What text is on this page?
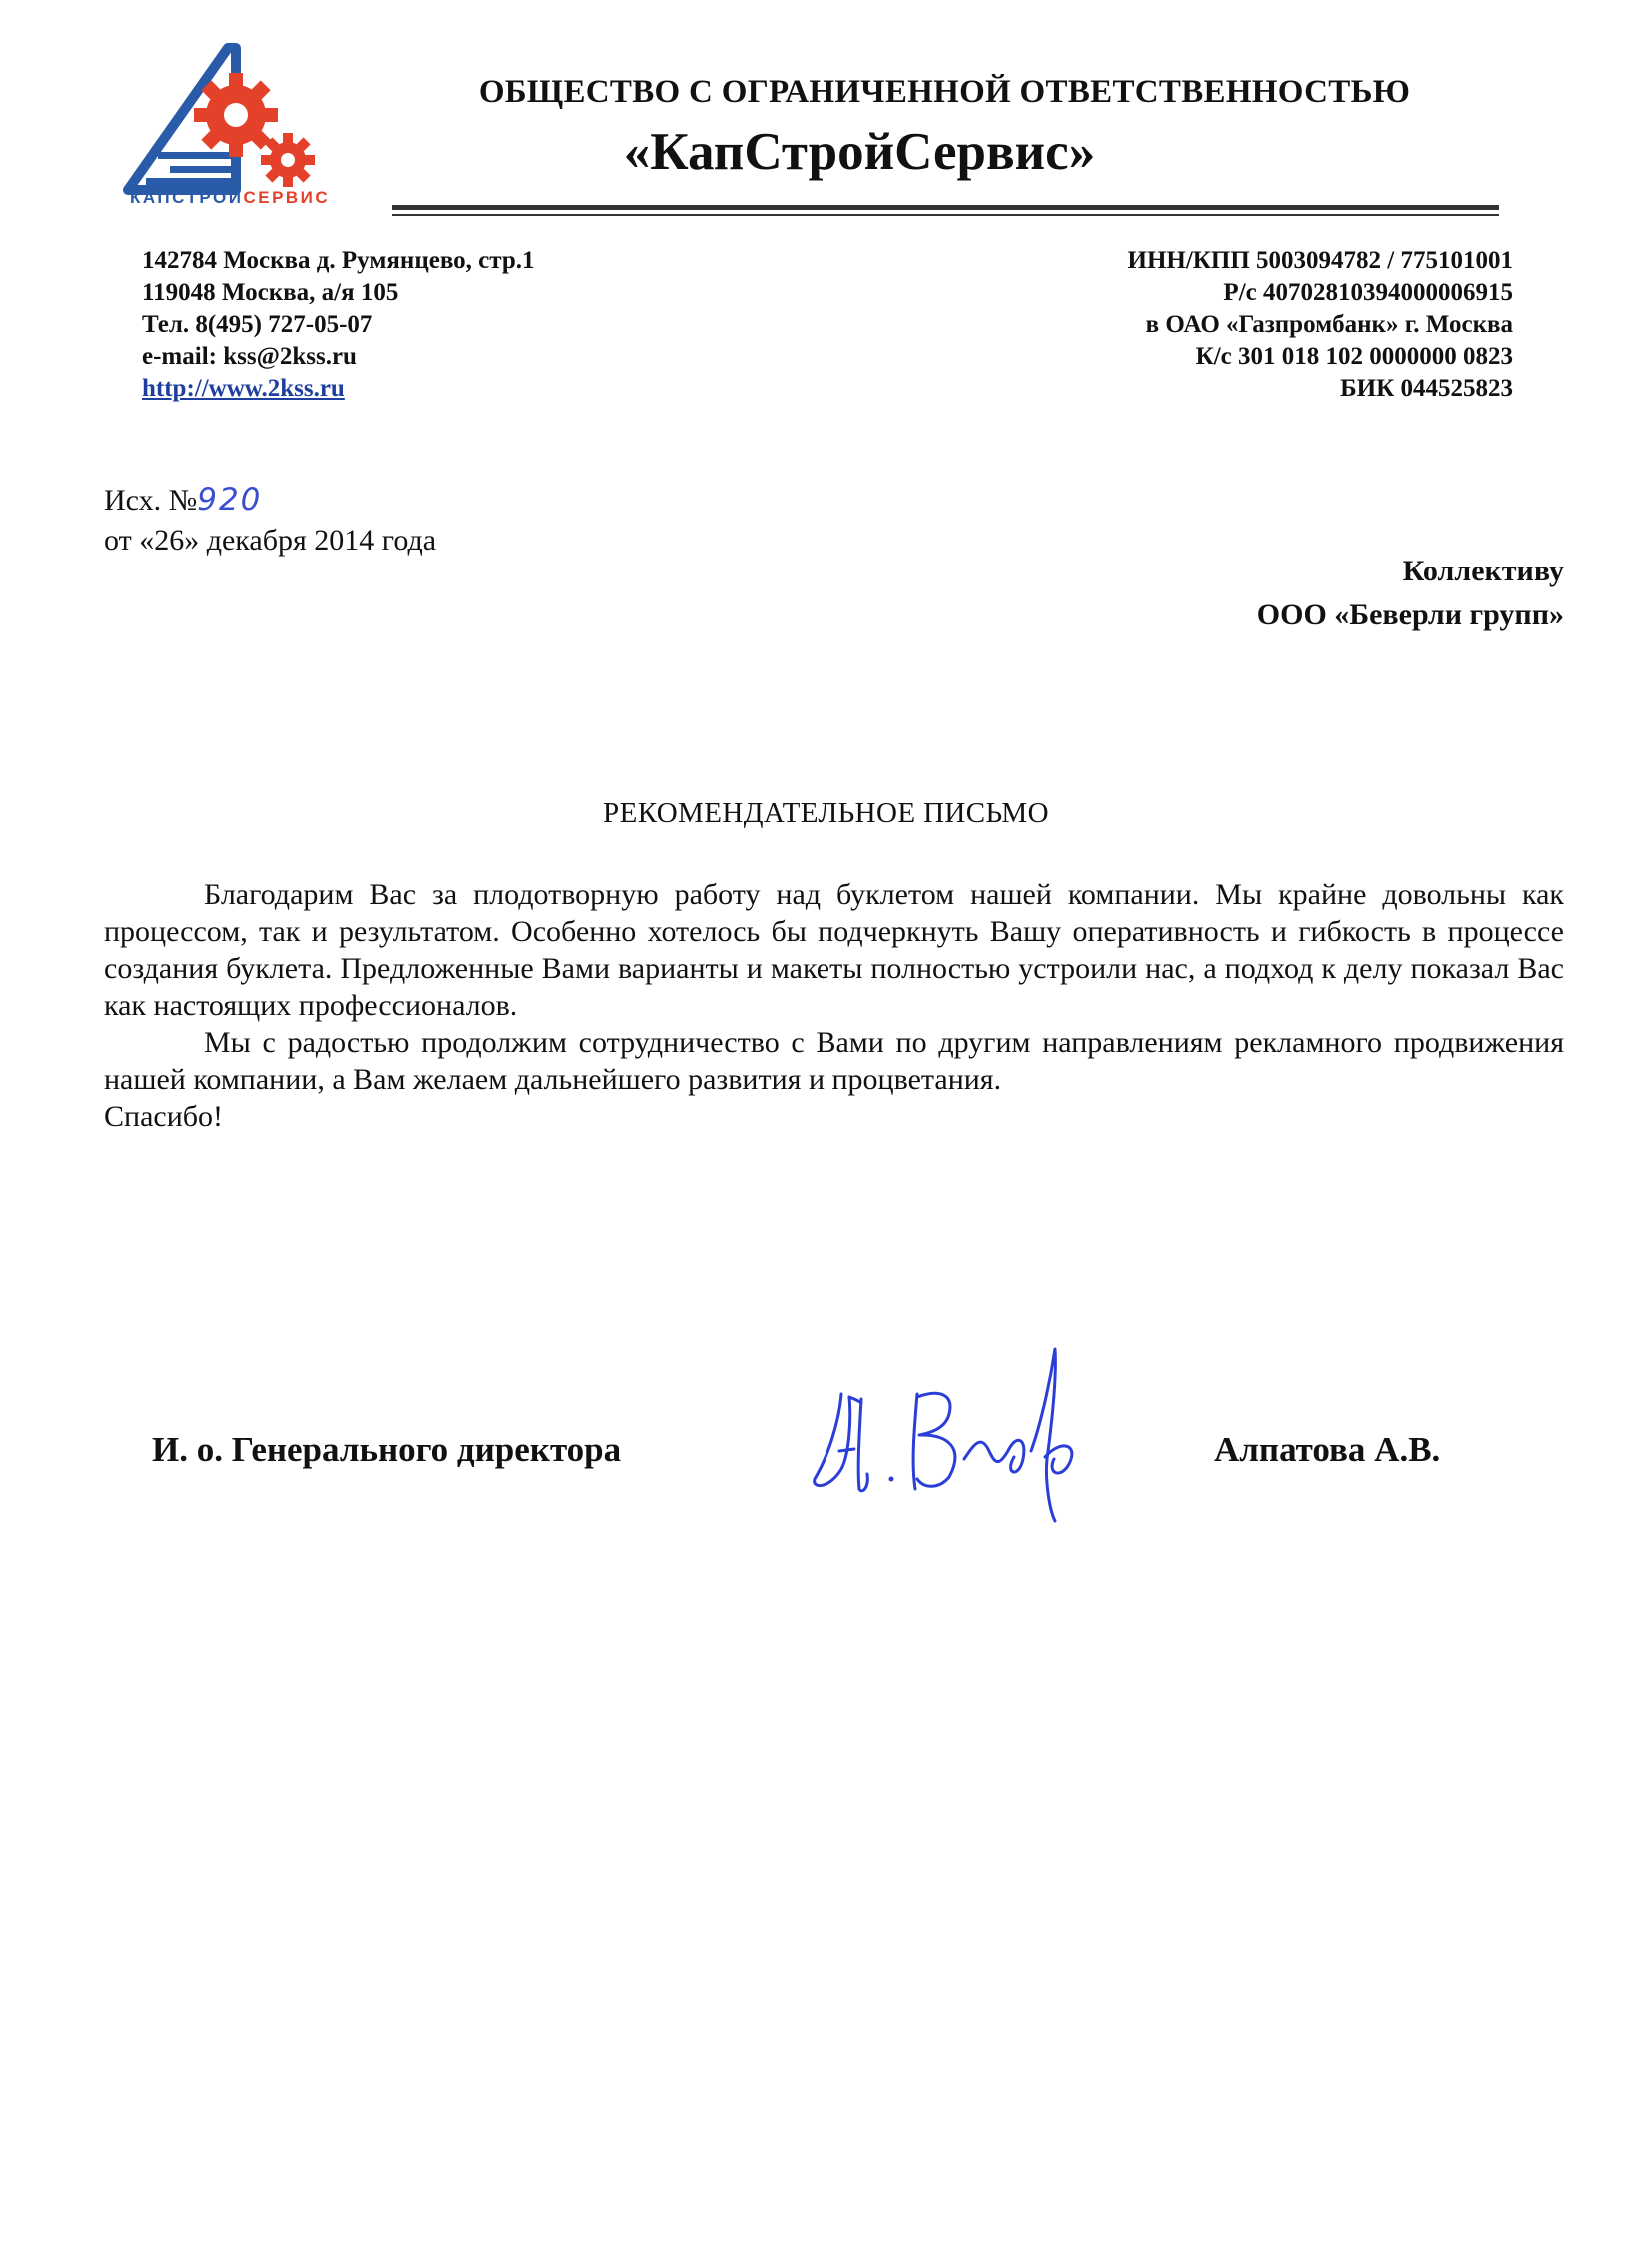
КАПСТРОЙСЕРВИС
ОБЩЕСТВО С ОГРАНИЧЕННОЙ ОТВЕТСТВЕННОСТЬЮ
«КапСтройСервис»
142784 Москва д. Румянцево, стр.1
119048 Москва, а/я 105
Тел. 8(495) 727-05-07
e-mail: kss@2kss.ru
http://www.2kss.ru
ИНН/КПП 5003094782 / 775101001
Р/с 40702810394000006915
в ОАО «Газпромбанк» г. Москва
К/с 301 018 102 0000000 0823
БИК 044525823
Исх. №920
от «26» декабря 2014 года
Коллективу
ООО «Беверли групп»
РЕКОМЕНДАТЕЛЬНОЕ ПИСЬМО

Благодарим Вас за плодотворную работу над буклетом нашей компании. Мы крайне довольны как процессом, так и результатом. Особенно хотелось бы подчеркнуть Вашу оперативность и гибкость в процессе создания буклета. Предложенные Вами варианты и макеты полностью устроили нас, а подход к делу показал Вас как настоящих профессионалов.

Мы с радостью продолжим сотрудничество с Вами по другим направлениям рекламного продвижения нашей компании, а Вам желаем дальнейшего развития и процветания.

Спасибо!

И. о. Генерального директора	Алпатова А.В.
